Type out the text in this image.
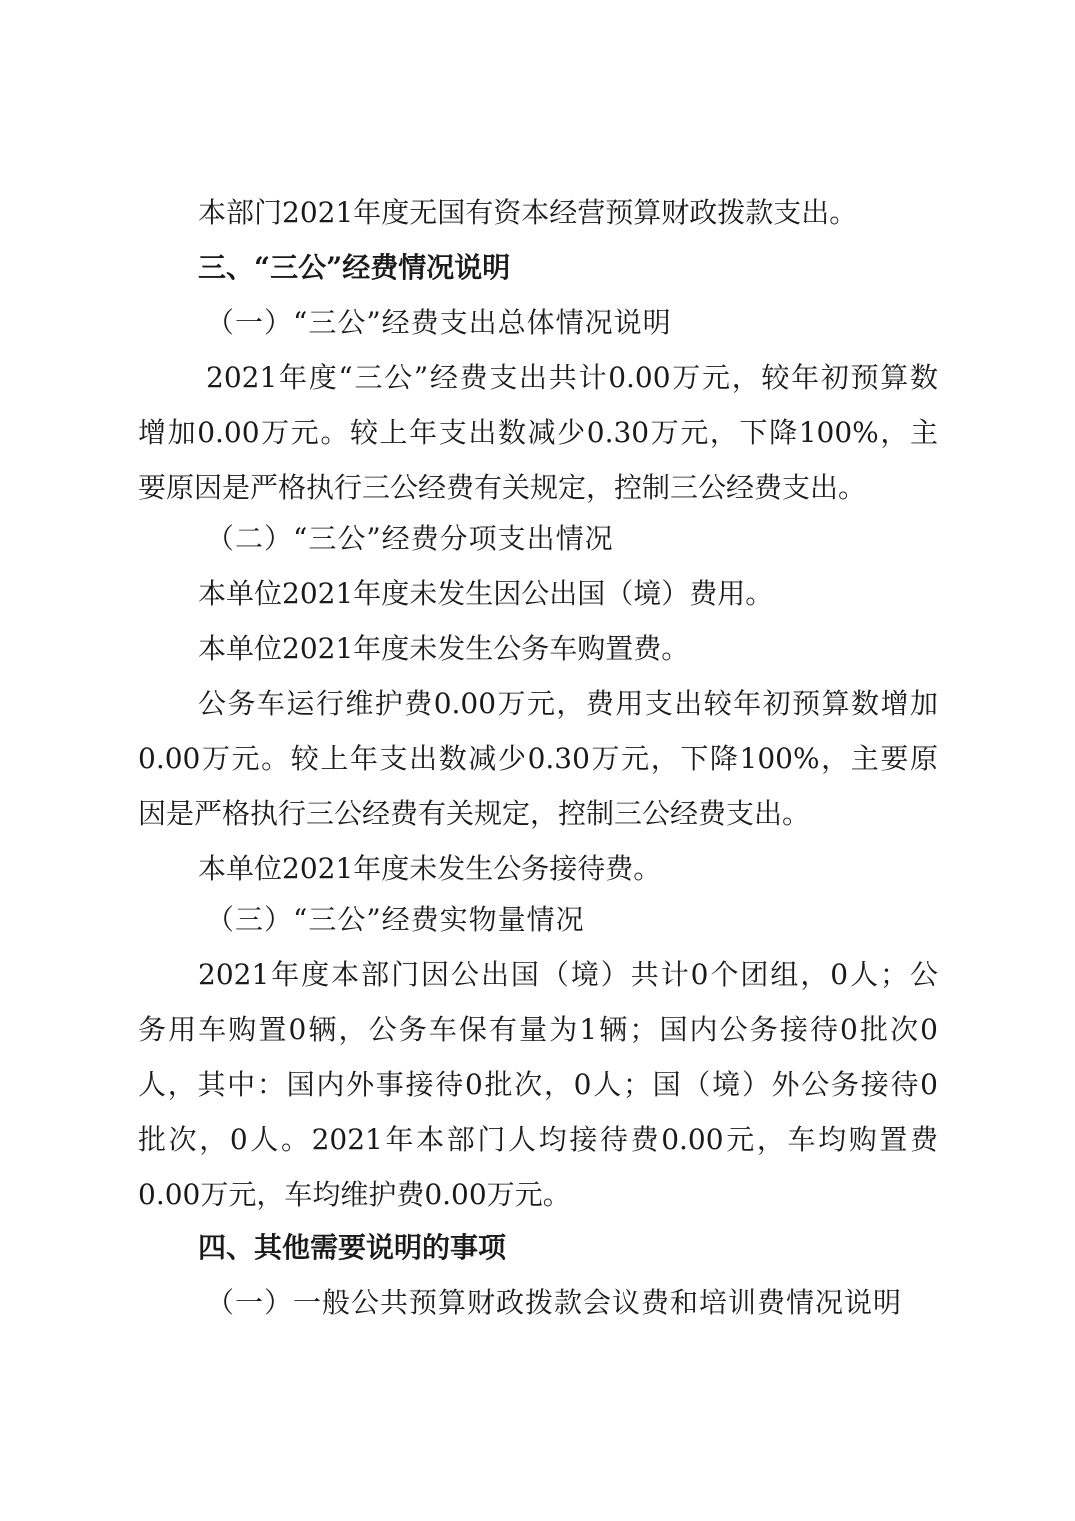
本部门2021年度无国有资本经营预算财政拨款支出。

三、“三公”经费情况说明

（一）“三公”经费支出总体情况说明

2021年度“三公”经费支出共计0.00万元，较年初预算数

增加0.00万元。较上年支出数减少0.30万元，下降100%，主

要原因是严格执行三公经费有关规定，控制三公经费支出。

（二）“三公”经费分项支出情况

本单位2021年度未发生因公出国（境）费用。

本单位2021年度未发生公务车购置费。

公务车运行维护费0.00万元，费用支出较年初预算数增加

0.00万元。较上年支出数减少0.30万元，下降100%，主要原

因是严格执行三公经费有关规定，控制三公经费支出。

本单位2021年度未发生公务接待费。

（三）“三公”经费实物量情况

2021年度本部门因公出国（境）共计0个团组，0人；公

务用车购置0辆，公务车保有量为1辆；国内公务接待0批次0

人，其中：国内外事接待0批次，0人；国（境）外公务接待0

批次，0人。2021年本部门人均接待费0.00元，车均购置费

0.00万元，车均维护费0.00万元。

四、其他需要说明的事项

（一）一般公共预算财政拨款会议费和培训费情况说明
